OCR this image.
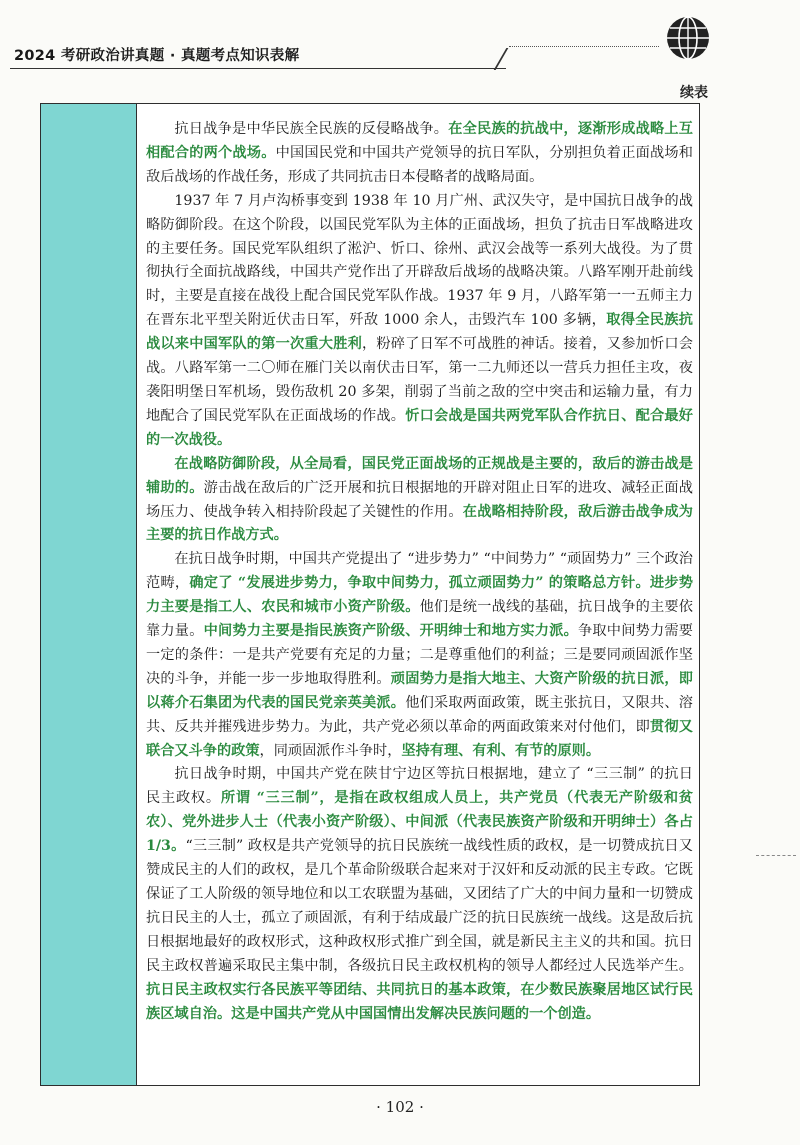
2024 考研政治讲真题 · 真题考点知识表解
续表

抗日战争是中华民族全民族的反侵略战争。在全民族的抗战中，逐渐形成战略上互相配合的两个战场。中国国民党和中国共产党领导的抗日军队，分别担负着正面战场和敌后战场的作战任务，形成了共同抗击日本侵略者的战略局面。

1937 年 7 月卢沟桥事变到 1938 年 10 月广州、武汉失守，是中国抗日战争的战略防御阶段。在这个阶段，以国民党军队为主体的正面战场，担负了抗击日军战略进攻的主要任务。国民党军队组织了淞沪、忻口、徐州、武汉会战等一系列大战役。为了贯彻执行全面抗战路线，中国共产党作出了开辟敌后战场的战略决策。八路军刚开赴前线时，主要是直接在战役上配合国民党军队作战。1937 年 9 月，八路军第一一五师主力在晋东北平型关附近伏击日军，歼敌 1000 余人，击毁汽车 100 多辆，取得全民族抗战以来中国军队的第一次重大胜利，粉碎了日军不可战胜的神话。接着，又参加忻口会战。八路军第一二〇师在雁门关以南伏击日军，第一二九师还以一营兵力担任主攻，夜袭阳明堡日军机场，毁伤敌机 20 多架，削弱了当前之敌的空中突击和运输力量，有力地配合了国民党军队在正面战场的作战。忻口会战是国共两党军队合作抗日、配合最好的一次战役。

在战略防御阶段，从全局看，国民党正面战场的正规战是主要的，敌后的游击战是辅助的。游击战在敌后的广泛开展和抗日根据地的开辟对阻止日军的进攻、减轻正面战场压力、使战争转入相持阶段起了关键性的作用。在战略相持阶段，敌后游击战争成为主要的抗日作战方式。

在抗日战争时期，中国共产党提出了 “进步势力” “中间势力” “顽固势力” 三个政治范畴，确定了 “发展进步势力，争取中间势力，孤立顽固势力” 的策略总方针。进步势力主要是指工人、农民和城市小资产阶级。他们是统一战线的基础，抗日战争的主要依靠力量。中间势力主要是指民族资产阶级、开明绅士和地方实力派。争取中间势力需要一定的条件：一是共产党要有充足的力量；二是尊重他们的利益；三是要同顽固派作坚决的斗争，并能一步一步地取得胜利。顽固势力是指大地主、大资产阶级的抗日派，即以蒋介石集团为代表的国民党亲英美派。他们采取两面政策，既主张抗日，又限共、溶共、反共并摧残进步势力。为此，共产党必须以革命的两面政策来对付他们，即贯彻又联合又斗争的政策，同顽固派作斗争时，坚持有理、有利、有节的原则。

抗日战争时期，中国共产党在陕甘宁边区等抗日根据地，建立了 “三三制” 的抗日民主政权。所谓 “三三制”，是指在政权组成人员上，共产党员（代表无产阶级和贫农）、党外进步人士（代表小资产阶级）、中间派（代表民族资产阶级和开明绅士）各占 1/3。“三三制” 政权是共产党领导的抗日民族统一战线性质的政权，是一切赞成抗日又赞成民主的人们的政权，是几个革命阶级联合起来对于汉奸和反动派的民主专政。它既保证了工人阶级的领导地位和以工农联盟为基础，又团结了广大的中间力量和一切赞成抗日民主的人士，孤立了顽固派，有利于结成最广泛的抗日民族统一战线。这是敌后抗日根据地最好的政权形式，这种政权形式推广到全国，就是新民主主义的共和国。抗日民主政权普遍采取民主集中制，各级抗日民主政权机构的领导人都经过人民选举产生。抗日民主政权实行各民族平等团结、共同抗日的基本政策，在少数民族聚居地区试行民族区域自治。这是中国共产党从中国国情出发解决民族问题的一个创造。

· 102 ·
